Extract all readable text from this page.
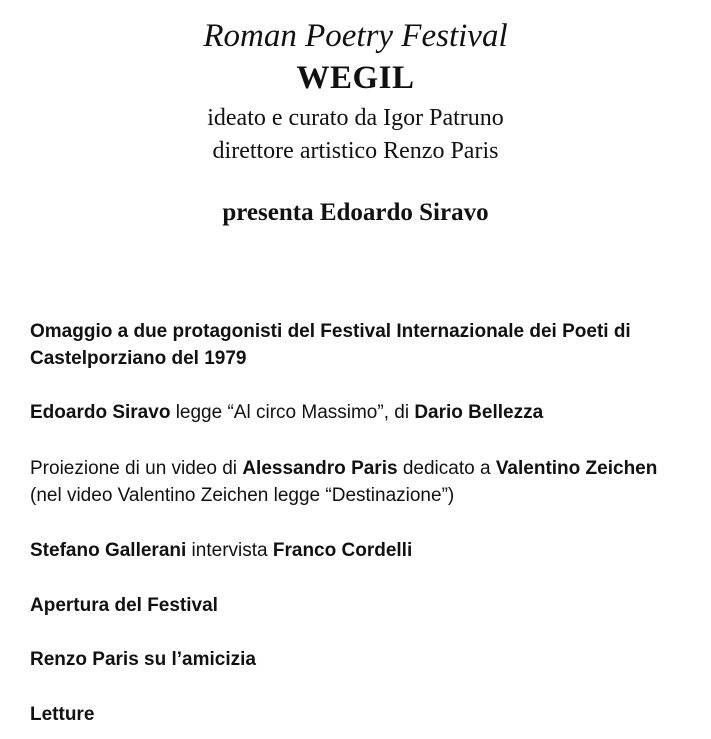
Roman Poetry Festival
WEGIL
ideato e curato da Igor Patruno
direttore artistico Renzo Paris
presenta Edoardo Siravo
Omaggio a due protagonisti del Festival Internazionale dei Poeti di
Castelporziano del 1979
Edoardo Siravo legge “Al circo Massimo”, di Dario Bellezza
Proiezione di un video di Alessandro Paris dedicato a Valentino Zeichen
(nel video Valentino Zeichen legge “Destinazione”)
Stefano Gallerani intervista Franco Cordelli
Apertura del Festival
Renzo Paris su l’amicizia
Letture
